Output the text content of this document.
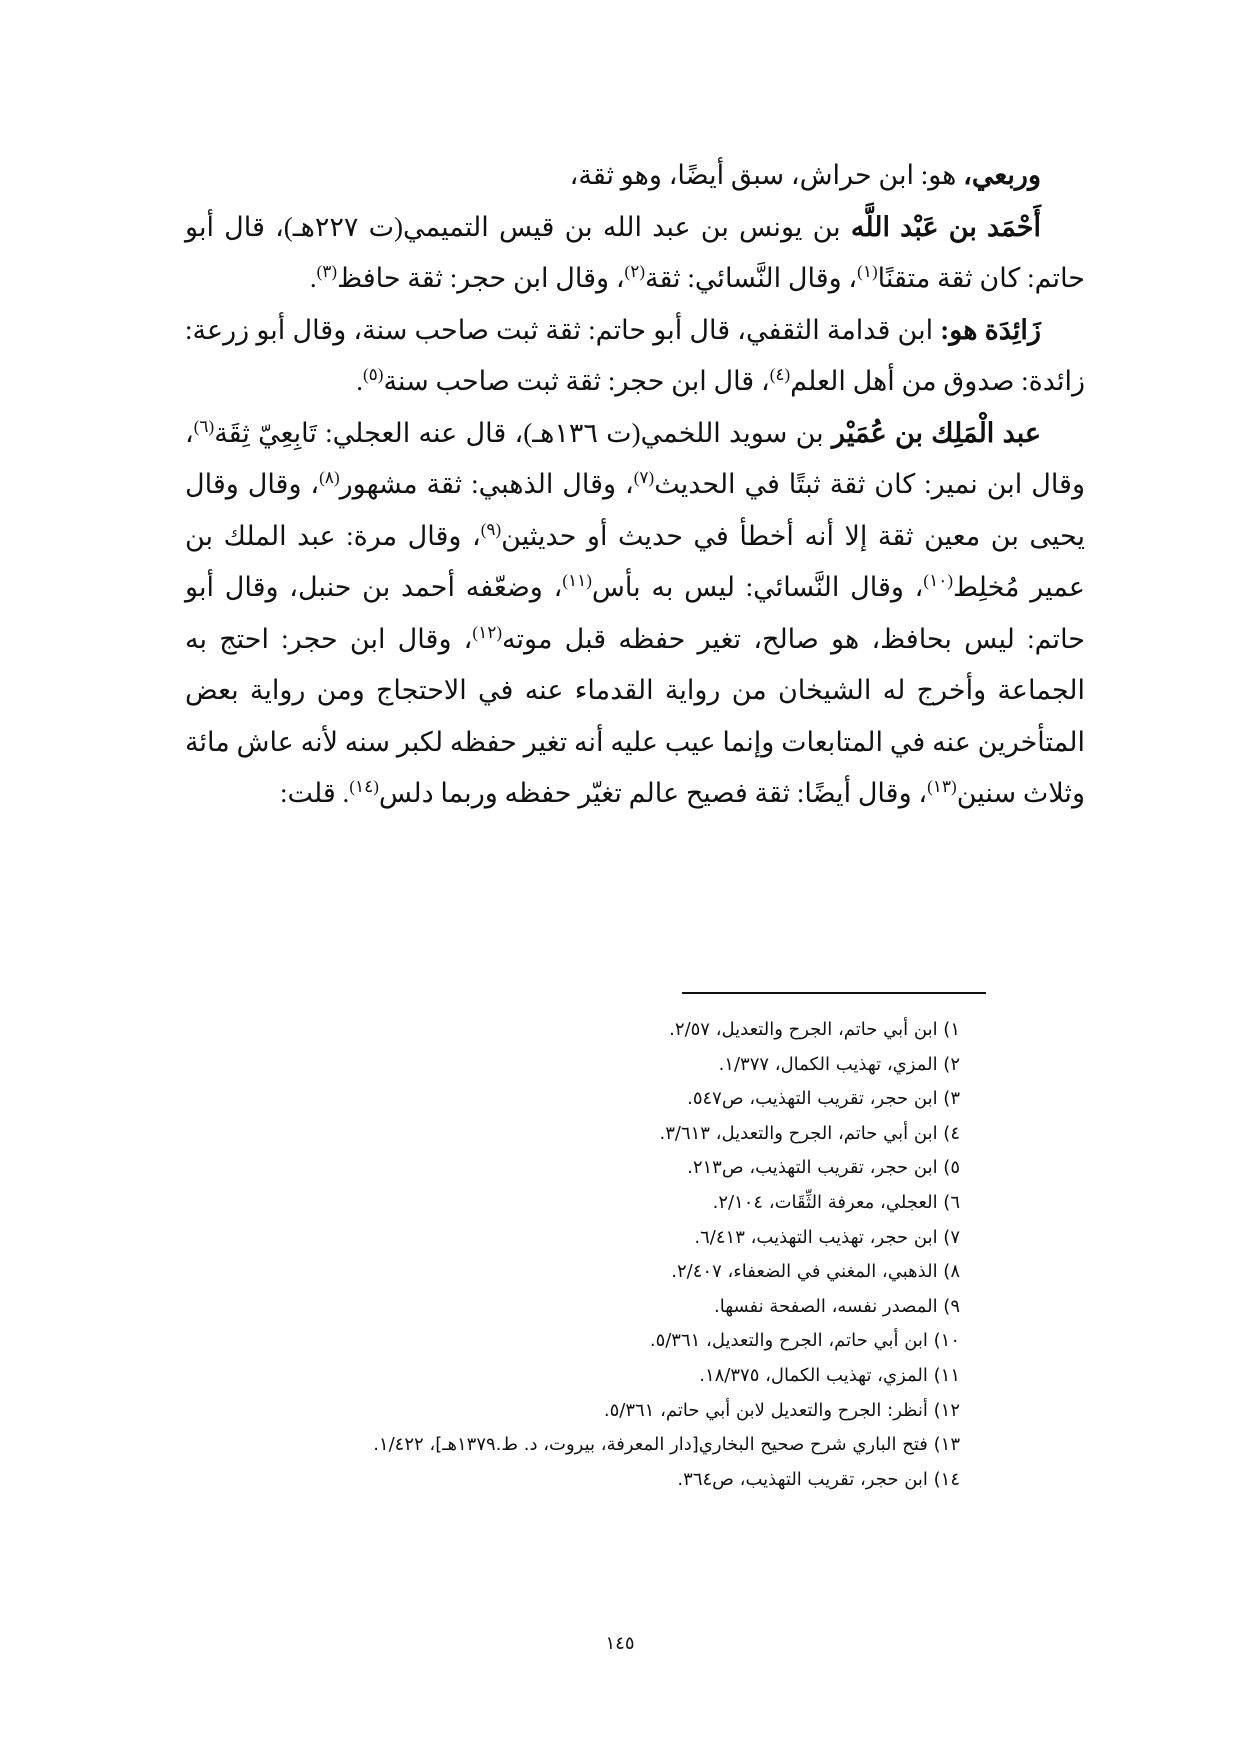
وربعي، هو: ابن حراش، سبق أيضًا، وهو ثقة،

أَحْمَد بن عَبْد اللَّه بن يونس بن عبد الله بن قيس التميمي(ت ٢٢٧هـ)، قال أبو حاتم: كان ثقة متقنًا$^{(١)}$، وقال النَّسائي: ثقة$^{(٢)}$، وقال ابن حجر: ثقة حافظ$^{(٣)}$.

زَائِدَة هو: ابن قدامة الثقفي، قال أبو حاتم: ثقة ثبت صاحب سنة، وقال أبو زرعة: زائدة: صدوق من أهل العلم$^{(٤)}$، قال ابن حجر: ثقة ثبت صاحب سنة$^{(٥)}$.

عبد الْمَلِك بن عُمَيْر بن سويد اللخمي(ت ١٣٦هـ)، قال عنه العجلي: تَابِعِيّ ثِقَة$^{(٦)}$، وقال ابن نمير: كان ثقة ثبتًا في الحديث$^{(٧)}$، وقال الذهبي: ثقة مشهور$^{(٨)}$، وقال وقال يحيى بن معين ثقة إلا أنه أخطأ في حديث أو حديثين$^{(٩)}$، وقال مرة: عبد الملك بن عمير مُخلِط$^{(١٠)}$، وقال النَّسائي: ليس به بأس$^{(١١)}$، وضعّفه أحمد بن حنبل، وقال أبو حاتم: ليس بحافظ، هو صالح، تغير حفظه قبل موته$^{(١٢)}$، وقال ابن حجر: احتج به الجماعة وأخرج له الشيخان من رواية القدماء عنه في الاحتجاج ومن رواية بعض المتأخرين عنه في المتابعات وإنما عيب عليه أنه تغير حفظه لكبر سنه لأنه عاش مائة وثلاث سنين$^{(١٣)}$، وقال أيضًا: ثقة فصيح عالم تغيّر حفظه وربما دلس$^{(١٤)}$. قلت:

١) ابن أبي حاتم، الجرح والتعديل، ٢/٥٧.
٢) المزي، تهذيب الكمال، ١/٣٧٧.
٣) ابن حجر، تقريب التهذيب، ص٥٤٧.
٤) ابن أبي حاتم، الجرح والتعديل، ٣/٦١٣.
٥) ابن حجر، تقريب التهذيب، ص٢١٣.
٦) العجلي، معرفة الثِّقَات، ٢/١٠٤.
٧) ابن حجر، تهذيب التهذيب، ٦/٤١٣.
٨) الذهبي، المغني في الضعفاء، ٢/٤٠٧.
٩) المصدر نفسه، الصفحة نفسها.
١٠) ابن أبي حاتم، الجرح والتعديل، ٥/٣٦١.
١١) المزي، تهذيب الكمال، ١٨/٣٧٥.
١٢) أنظر: الجرح والتعديل لابن أبي حاتم، ٥/٣٦١.
١٣) فتح الباري شرح صحيح البخاري[دار المعرفة، بيروت، د. ط.١٣٧٩هـ]، ١/٤٢٢.
١٤) ابن حجر، تقريب التهذيب، ص٣٦٤.
١٤٥
